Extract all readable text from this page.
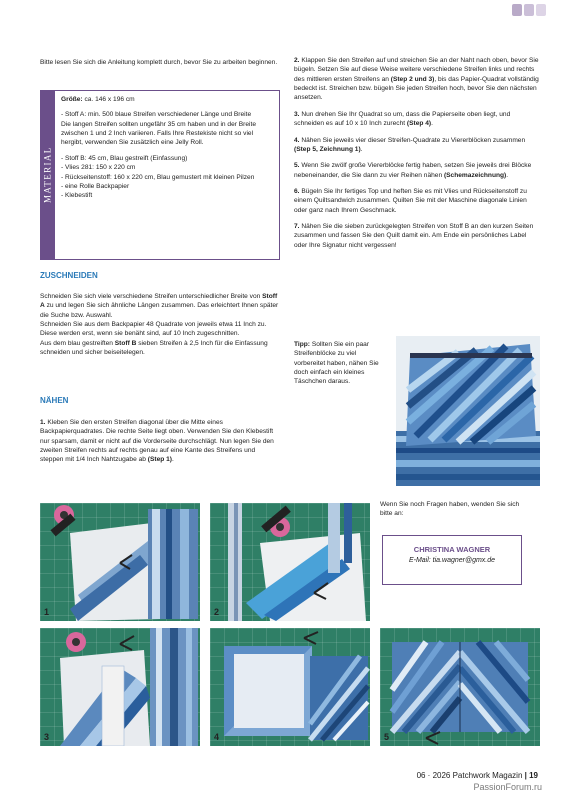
Bitte lesen Sie sich die Anleitung komplett durch, bevor Sie zu arbeiten beginnen.

MATERIAL

Größe: ca. 146 x 196 cm

- Stoff A: min. 500 blaue Streifen verschiedener Länge und Breite

Die langen Streifen sollten ungefähr 35 cm haben und in der Breite zwischen 1 und 2 Inch variieren. Falls Ihre Restekiste nicht so viel hergibt, verwenden Sie zusätzlich eine Jelly Roll.

- Stoff B: 45 cm, Blau gestreift (Einfassung)

- Vlies 281: 150 x 220 cm

- Rückseitenstoff: 160 x 220 cm, Blau gemustert mit kleinen Pilzen

- eine Rolle Backpapier

- Klebestift

ZUSCHNEIDEN

Schneiden Sie sich viele verschiedene Streifen unterschiedlicher Breite von Stoff A zu und legen Sie sich ähnliche Längen zusammen. Das erleichtert Ihnen später die Suche bzw. Auswahl.

Schneiden Sie aus dem Backpapier 48 Quadrate von jeweils etwa 11 Inch zu. Diese werden erst, wenn sie benäht sind, auf 10 Inch zugeschnitten.

Aus dem blau gestreiften Stoff B sieben Streifen à 2,5 Inch für die Einfassung schneiden und sicher beiseitelegen.

NÄHEN

1. Kleben Sie den ersten Streifen diagonal über die Mitte eines Backpapierquadrates. Die rechte Seite liegt oben. Verwenden Sie den Klebestift nur sparsam, damit er nicht auf die Vorderseite durchschlägt. Nun legen Sie den zweiten Streifen rechts auf rechts genau auf eine Kante des Streifens und steppen mit 1/4 Inch Nahtzugabe ab (Step 1).

2. Klappen Sie den Streifen auf und streichen Sie an der Naht nach oben, bevor Sie bügeln. Setzen Sie auf diese Weise weitere verschiedene Streifen links und rechts des mittleren ersten Streifens an (Step 2 und 3), bis das Papier-Quadrat vollständig bedeckt ist. Streichen bzw. bügeln Sie jeden Streifen hoch, bevor Sie den nächsten ansetzen.

3. Nun drehen Sie Ihr Quadrat so um, dass die Papierseite oben liegt, und schneiden es auf 10 x 10 Inch zurecht (Step 4).

4. Nähen Sie jeweils vier dieser Streifen-Quadrate zu Viererblöcken zusammen (Step 5, Zeichnung 1).

5. Wenn Sie zwölf große Viererblöcke fertig haben, setzen Sie jeweils drei Blöcke nebeneinander, die Sie dann zu vier Reihen nähen (Schemazeichnung).

6. Bügeln Sie Ihr fertiges Top und heften Sie es mit Vlies und Rückseitenstoff zu einem Quiltsandwich zusammen. Quilten Sie mit der Maschine diagonale Linien oder ganz nach Ihrem Geschmack.

7. Nähen Sie die sieben zurückgelegten Streifen von Stoff B an den kurzen Seiten zusammen und fassen Sie den Quilt damit ein. Am Ende ein persönliches Label oder Ihre Signatur nicht vergessen!

Tipp: Sollten Sie ein paar Streifenblöcke zu viel vorbereitet haben, nähen Sie doch einfach ein kleines Täschchen daraus.

Wenn Sie noch Fragen haben, wenden Sie sich bitte an:

CHRISTINA WAGNER
E-Mail: tia.wagner@gmx.de
1	2
3	4	5
06 · 2026 Patchwork Magazin | 19
PassionForum.ru
